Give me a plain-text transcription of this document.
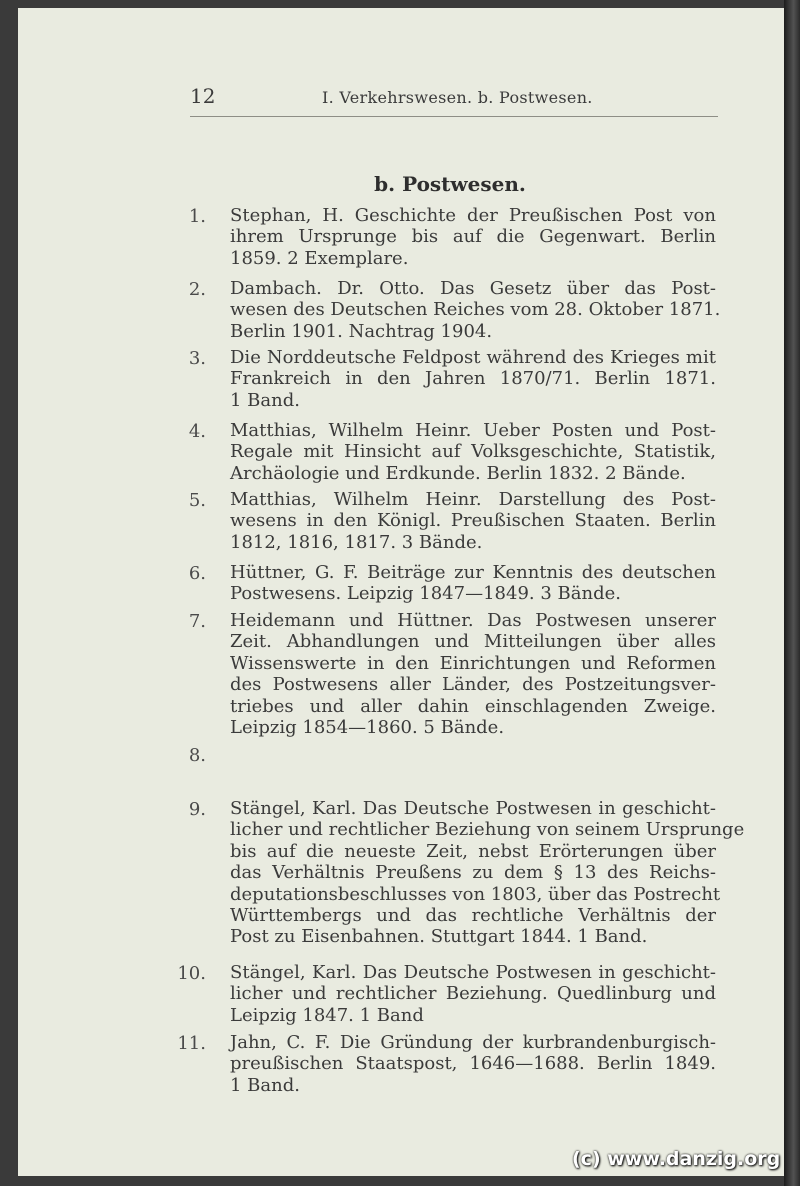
12	I. Verkehrswesen. b. Postwesen.
b. Postwesen.
1. Stephan, H. Geschichte der Preußischen Post von
ihrem Ursprunge bis auf die Gegenwart. Berlin
1859. 2 Exemplare.
2. Dambach. Dr. Otto. Das Gesetz über das Post-
wesen des Deutschen Reiches vom 28. Oktober 1871.
Berlin 1901. Nachtrag 1904.
3. Die Norddeutsche Feldpost während des Krieges mit
Frankreich in den Jahren 1870/71. Berlin 1871.
1 Band.
4. Matthias, Wilhelm Heinr. Ueber Posten und Post-
Regale mit Hinsicht auf Volksgeschichte, Statistik,
Archäologie und Erdkunde. Berlin 1832. 2 Bände.
5. Matthias, Wilhelm Heinr. Darstellung des Post-
wesens in den Königl. Preußischen Staaten. Berlin
1812, 1816, 1817. 3 Bände.
6. Hüttner, G. F. Beiträge zur Kenntnis des deutschen
Postwesens. Leipzig 1847—1849. 3 Bände.
7. Heidemann und Hüttner. Das Postwesen unserer
Zeit. Abhandlungen und Mitteilungen über alles
Wissenswerte in den Einrichtungen und Reformen
des Postwesens aller Länder, des Postzeitungsver-
triebes und aller dahin einschlagenden Zweige.
Leipzig 1854—1860. 5 Bände.
8.
9. Stängel, Karl. Das Deutsche Postwesen in geschicht-
licher und rechtlicher Beziehung von seinem Ursprunge
bis auf die neueste Zeit, nebst Erörterungen über
das Verhältnis Preußens zu dem § 13 des Reichs-
deputationsbeschlusses von 1803, über das Postrecht
Württembergs und das rechtliche Verhältnis der
Post zu Eisenbahnen. Stuttgart 1844. 1 Band.
10. Stängel, Karl. Das Deutsche Postwesen in geschicht-
licher und rechtlicher Beziehung. Quedlinburg und
Leipzig 1847. 1 Band
11. Jahn, C. F. Die Gründung der kurbrandenburgisch-
preußischen Staatspost, 1646—1688. Berlin 1849.
1 Band.
(c) www.danzig.org
